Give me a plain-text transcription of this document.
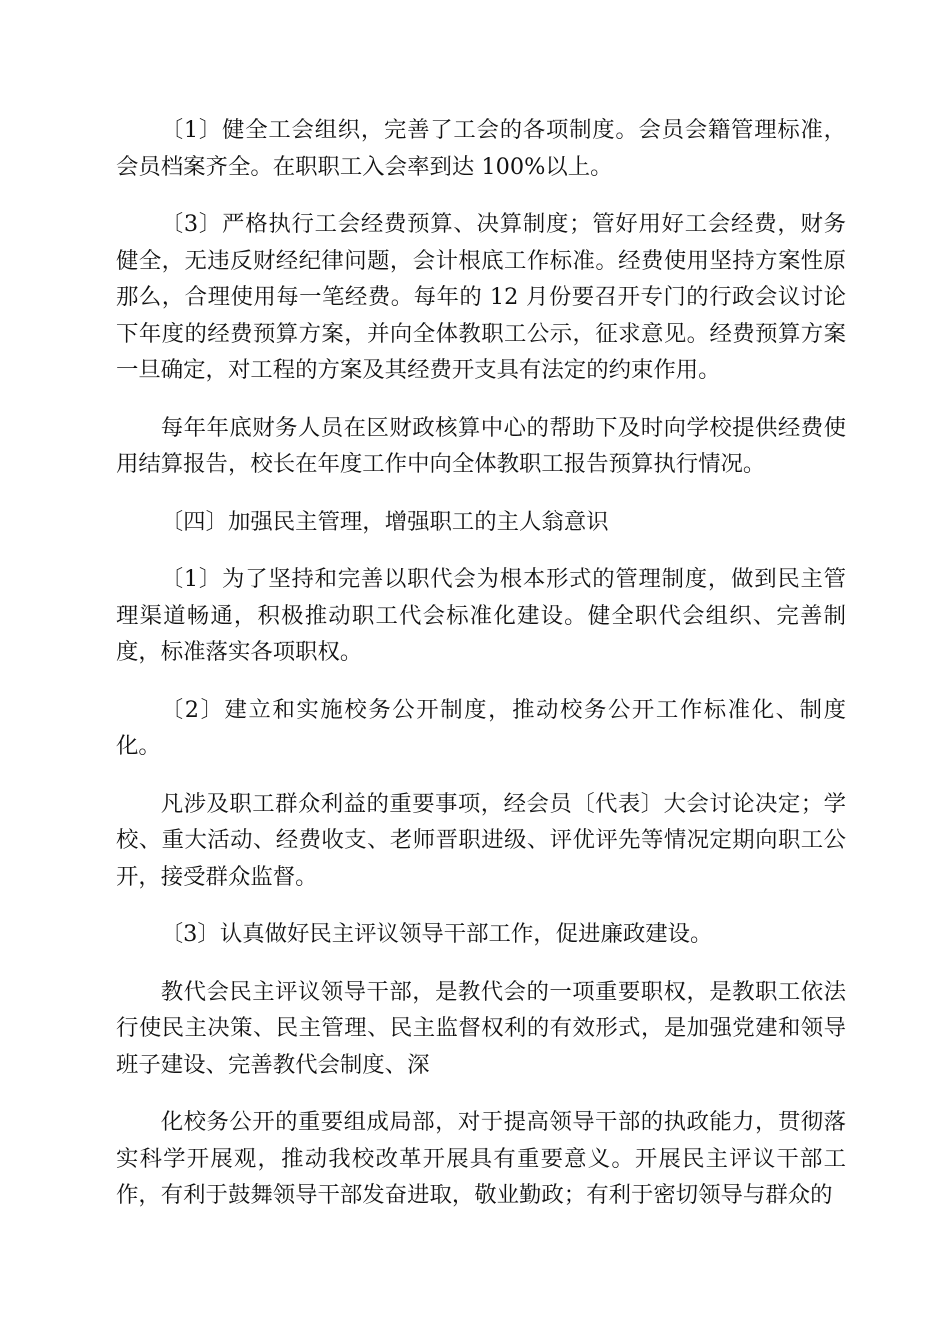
〔1〕健全工会组织，完善了工会的各项制度。会员会籍管理标准，会员档案齐全。在职职工入会率到达 100%以上。

〔3〕严格执行工会经费预算、决算制度；管好用好工会经费，财务健全，无违反财经纪律问题，会计根底工作标准。经费使用坚持方案性原那么，合理使用每一笔经费。每年的 12 月份要召开专门的行政会议讨论下年度的经费预算方案，并向全体教职工公示，征求意见。经费预算方案一旦确定，对工程的方案及其经费开支具有法定的约束作用。

每年年底财务人员在区财政核算中心的帮助下及时向学校提供经费使用结算报告，校长在年度工作中向全体教职工报告预算执行情况。

〔四〕加强民主管理，增强职工的主人翁意识

〔1〕为了坚持和完善以职代会为根本形式的管理制度，做到民主管理渠道畅通，积极推动职工代会标准化建设。健全职代会组织、完善制度，标准落实各项职权。

〔2〕建立和实施校务公开制度，推动校务公开工作标准化、制度化。

凡涉及职工群众利益的重要事项，经会员〔代表〕大会讨论决定；学校、重大活动、经费收支、老师晋职进级、评优评先等情况定期向职工公开，接受群众监督。

〔3〕认真做好民主评议领导干部工作，促进廉政建设。

教代会民主评议领导干部，是教代会的一项重要职权，是教职工依法行使民主决策、民主管理、民主监督权利的有效形式，是加强党建和领导班子建设、完善教代会制度、深

化校务公开的重要组成局部，对于提高领导干部的执政能力，贯彻落实科学开展观，推动我校改革开展具有重要意义。开展民主评议干部工作，有利于鼓舞领导干部发奋进取，敬业勤政；有利于密切领导与群众的
